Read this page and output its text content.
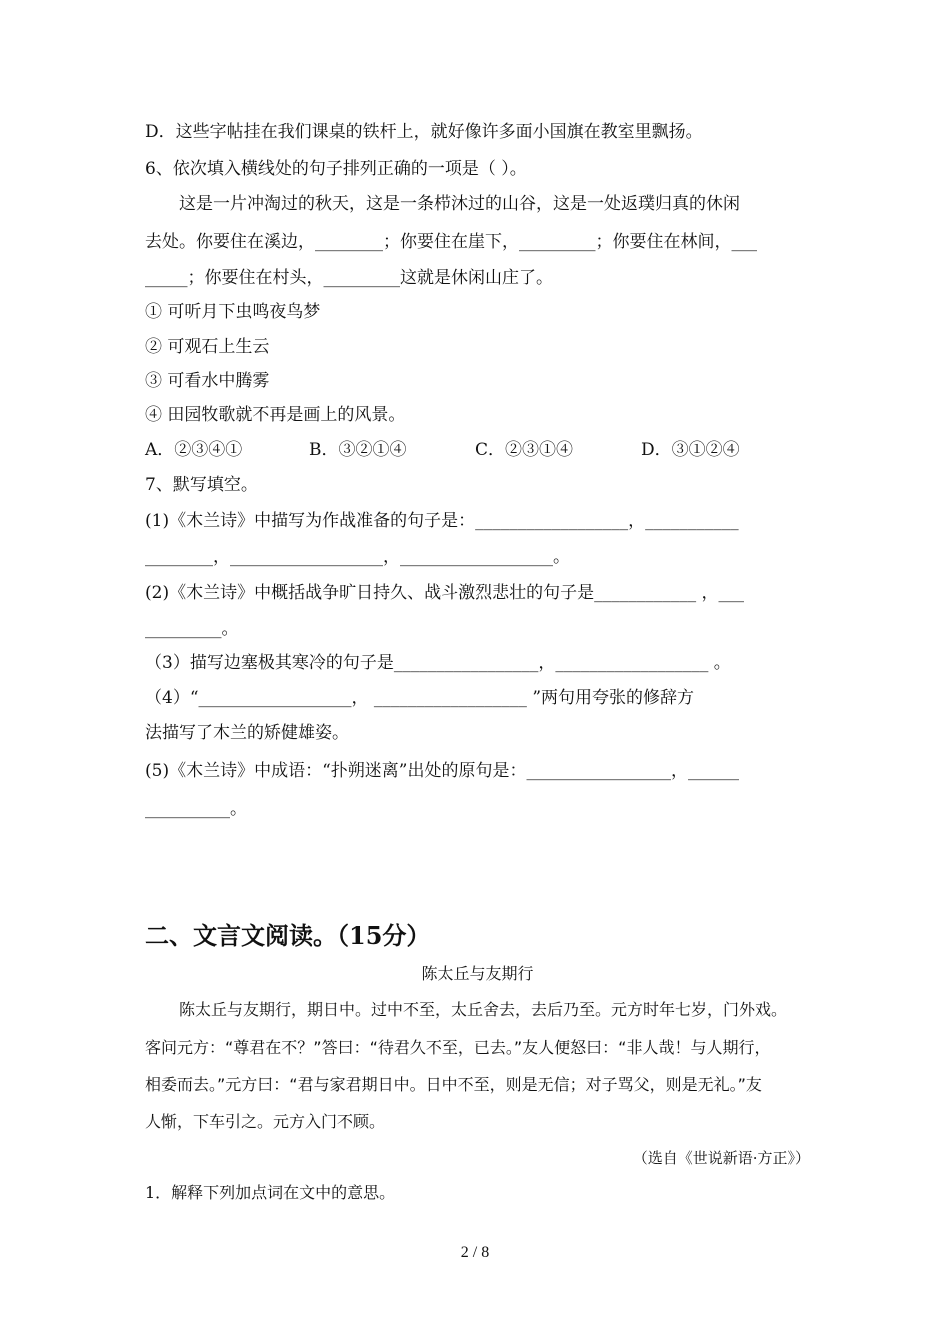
D．这些字帖挂在我们课桌的铁杆上，就好像许多面小国旗在教室里飘扬。
6、依次填入横线处的句子排列正确的一项是（ ）。
这是一片冲淘过的秋天，这是一条栉沐过的山谷，这是一处返璞归真的休闲
去处。你要住在溪边，________；你要住在崖下，_________；你要住在林间，___
_____；你要住在村头，_________这就是休闲山庄了。
① 可听月下虫鸣夜鸟梦
② 可观石上生云
③ 可看水中腾雾
④ 田园牧歌就不再是画上的风景。
A．②③④①	B．③②①④	C．②③①④	D．③①②④
7、默写填空。
(1)《木兰诗》中描写为作战准备的句子是：__________________，___________
________，__________________，__________________。
(2)《木兰诗》中概括战争旷日持久、战斗激烈悲壮的句子是____________ ，___
_________。
（3）描写边塞极其寒冷的句子是_________________，__________________ 。
（4）“__________________， __________________ ”两句用夸张的修辞方
法描写了木兰的矫健雄姿。
(5)《木兰诗》中成语：“扑朔迷离”出处的原句是：_________________，______
__________。
二、文言文阅读。（15分）
陈太丘与友期行
陈太丘与友期行，期日中。过中不至，太丘舍去，去后乃至。元方时年七岁，门外戏。
客问元方：“尊君在不？”答曰：“待君久不至，已去。”友人便怒曰：“非人哉！与人期行，
相委而去。”元方曰：“君与家君期日中。日中不至，则是无信；对子骂父，则是无礼。”友
人惭，下车引之。元方入门不顾。
（选自《世说新语·方正》）
1．解释下列加点词在文中的意思。
2 / 8
